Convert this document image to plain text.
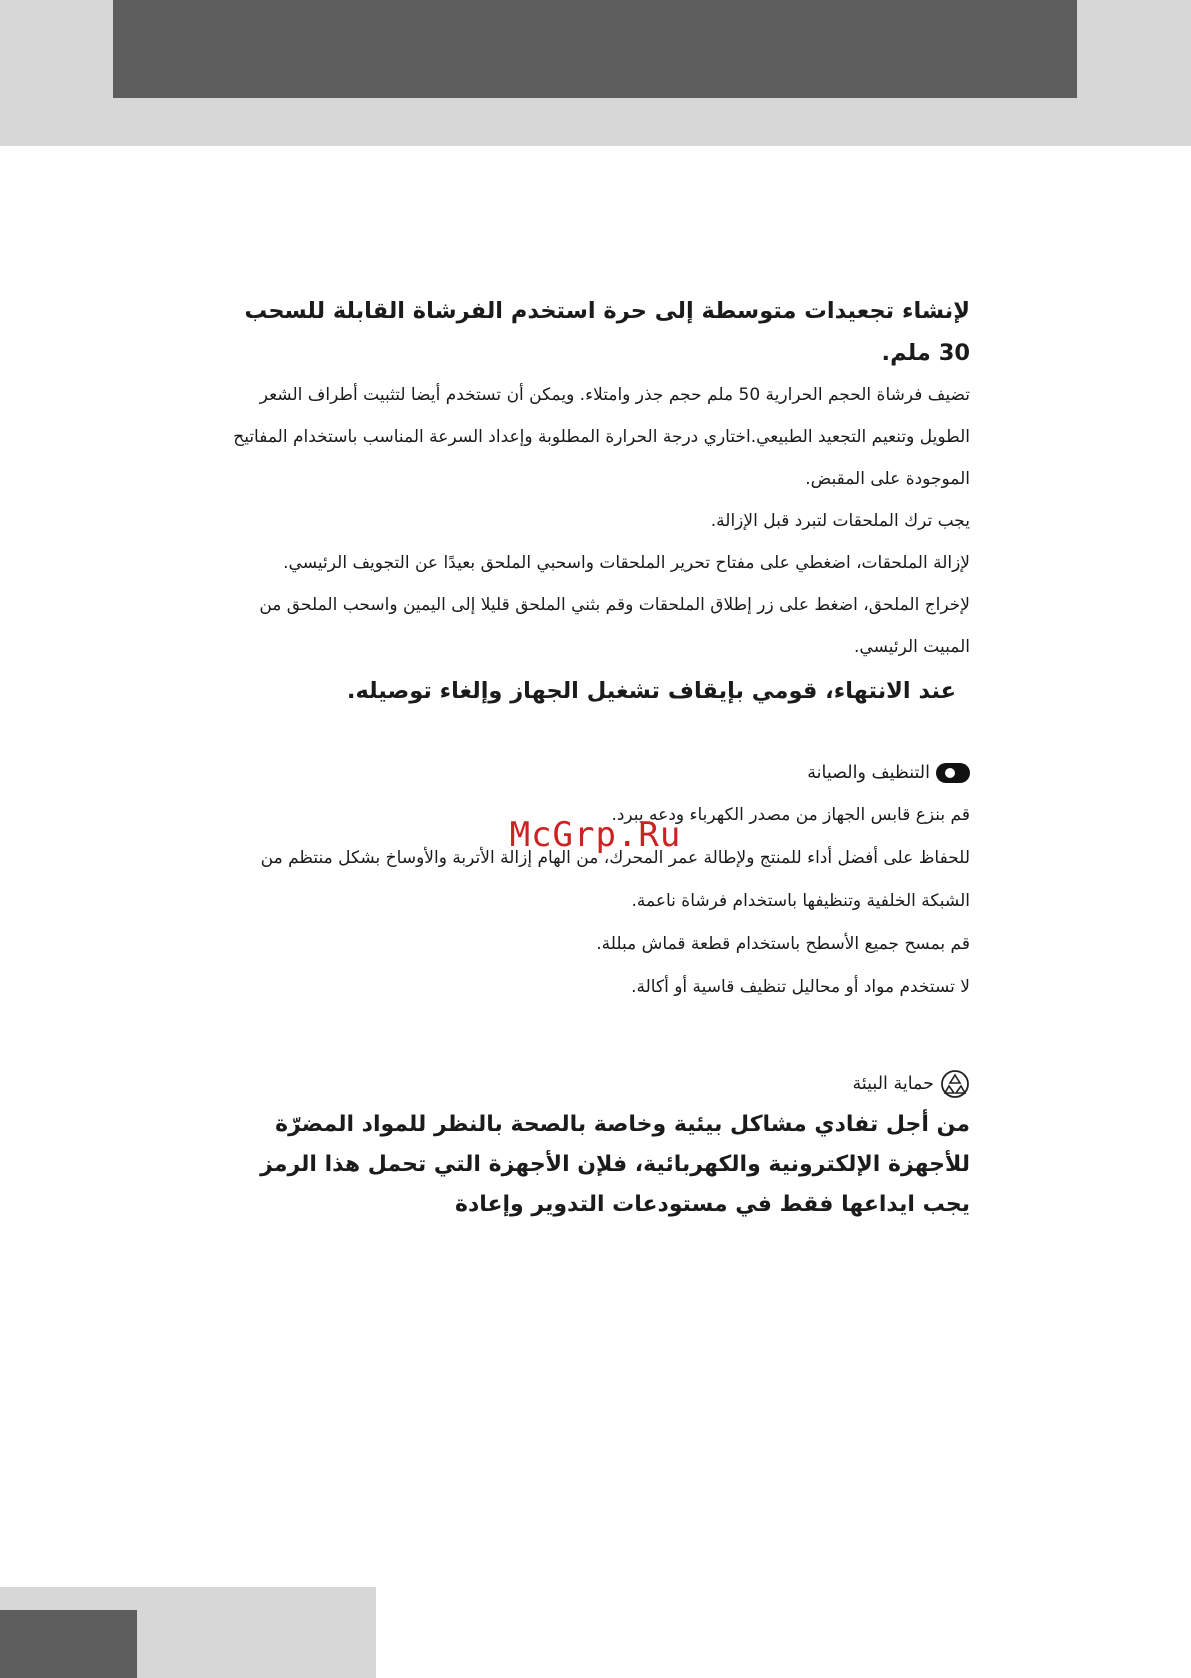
لإنشاء تجعيدات متوسطة إلى حرة استخدم الفرشاة القابلة للسحب

30 ملم.

تضيف فرشاة الحجم الحرارية 50 ملم حجم جذر وامتلاء. ويمكن أن تستخدم أيضا لتثبيت أطراف الشعر الطويل وتنعيم التجعيد الطبيعي.اختاري درجة الحرارة المطلوبة وإعداد السرعة المناسب باستخدام المفاتيح الموجودة على المقبض.

يجب ترك الملحقات لتبرد قبل الإزالة.

لإزالة الملحقات، اضغطي على مفتاح تحرير الملحقات واسحبي الملحق بعيدًا عن التجويف الرئيسي.

لإخراج الملحق، اضغط على زر إطلاق الملحقات وقم بثني الملحق قليلا إلى اليمين واسحب الملحق من المبيت الرئيسي.

عند الانتهاء، قومي بإيقاف تشغيل الجهاز وإلغاء توصيله.

التنظيف والصيانة

قم بنزع قابس الجهاز من مصدر الكهرباء ودعه يبرد.

للحفاظ على أفضل أداء للمنتج ولإطالة عمر المحرك، من الهام إزالة الأتربة والأوساخ بشكل منتظم من الشبكة الخلفية وتنظيفها باستخدام فرشاة ناعمة.

قم بمسح جميع الأسطح باستخدام قطعة قماش مبللة.

لا تستخدم مواد أو محاليل تنظيف قاسية أو أكالة.

حماية البيئة

من أجل تفادي مشاكل بيئية وخاصة بالصحة بالنظر للمواد المضرّة للأجهزة الإلكترونية والكهربائية، فلإن الأجهزة التي تحمل هذا الرمز يجب ايداعها فقط في مستودعات التدوير وإعادة

McGrp.Ru
